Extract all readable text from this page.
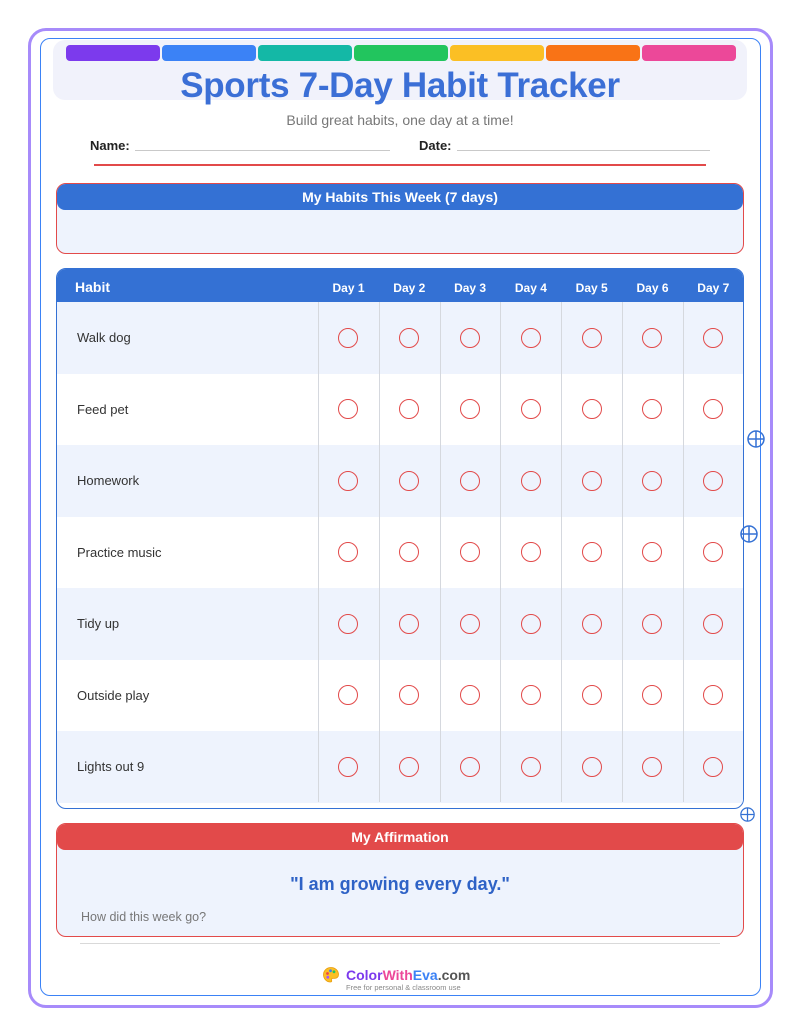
Sports 7-Day Habit Tracker
Build great habits, one day at a time!
Name:	Date:
My Habits This Week (7 days)
Habit	Day 1	Day 2	Day 3	Day 4	Day 5	Day 6	Day 7
Walk dog
Feed pet
Homework
Practice music
Tidy up
Outside play
Lights out 9
My Affirmation
"I am growing every day."
How did this week go?
ColorWithEva.com
Free for personal & classroom use
